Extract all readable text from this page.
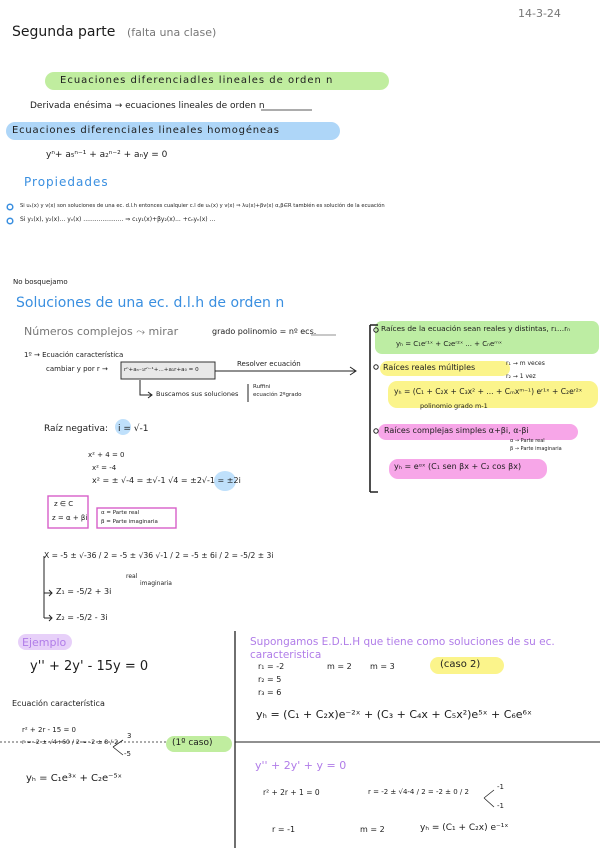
Segunda parte (falta una clase)
14-3-24
Ecuaciones diferenciadles lineales de orden n
Derivada enésima → ecuaciones lineales de orden n
Ecuaciones diferenciales lineales homogéneas
yⁿ+ a₅ⁿ⁻¹ + a₂ⁿ⁻² + aₙy = 0
Propiedades
Si u₁(x) y v(x) son soluciones de una ec. d.l.h entonces cualquier c.l de u₁(x) y v(x) ⇒ λu(x)+βv(x) α,β∈R también es solución de la ecuación
Si y₁(x), y₂(x)... yₙ(x) ..................... ⇒ c₁y₁(x)+βy₂(x)... +cₙyₙ(x) ...
No bosquejamo
Soluciones de una ec. d.l.h de orden n
Números complejos ⤳ mirar	grado polinomio = nº ecs.
1º → Ecuación característica
cambiar y por r →	rⁿ+aₙ₋₁rⁿ⁻¹+...+a₁r+a₀ = 0
Resolver ecuación
Buscamos sus soluciones
Ruffini
ecuación 2ºgrado
Raíz negativa: i = √-1
x² + 4 = 0
x² = -4
x² = ± √-4 = ±√-1 √4 = ±2√-1 = ±2i
z ∈ C
z = α + βi
α = Parte real
β = Parte imaginaria
X = -5 ± √-36 / 2 = -5 ± √36 √-1 / 2 = -5 ± 6i / 2 = -5/2 ± 3i
Z₁ = -5/2 + 3i
real
imaginaria
Z₂ = -5/2 - 3i
Raíces de la ecuación sean reales y distintas, r₁...rₙ
yₕ = C₁eʳ¹ˣ + C₂eʳ²ˣ ... + Cₙeʳⁿˣ
Raíces reales múltiples	r₁ → m veces
r₂ → 1 vez
yₕ = (C₁ + C₂x + C₃x² + ... + Cₘxᵐ⁻¹) eʳ¹ˣ + C₂eʳ²ˣ
polinomio grado m-1
Raíces complejas simples α+βi, α-βi
α → Parte real
β → Parte imaginaria
yₕ = eᵅˣ (C₁ sen βx + C₂ cos βx)
Ejemplo
y'' + 2y' - 15y = 0
Ecuación característica
r² + 2r - 15 = 0
r = -2 ± √4+60 / 2 = -2 ± 8 / 2
3
-5
(1º caso)
yₕ = C₁e³ˣ + C₂e⁻⁵ˣ
Supongamos E.D.L.H que tiene como soluciones de su ec. caracteristica
r₁ = -2
r₂ = 5
r₃ = 6
m = 2 m = 3	(caso 2)
yₕ = (C₁ + C₂x)e⁻²ˣ + (C₃ + C₄x + C₅x²)e⁵ˣ + C₆e⁶ˣ
y'' + 2y' + y = 0
r² + 2r + 1 = 0	r = -2 ± √4-4 / 2 = -2 ± 0 / 2
-1
-1
r = -1	m = 2	yₕ = (C₁ + C₂x) e⁻¹ˣ
